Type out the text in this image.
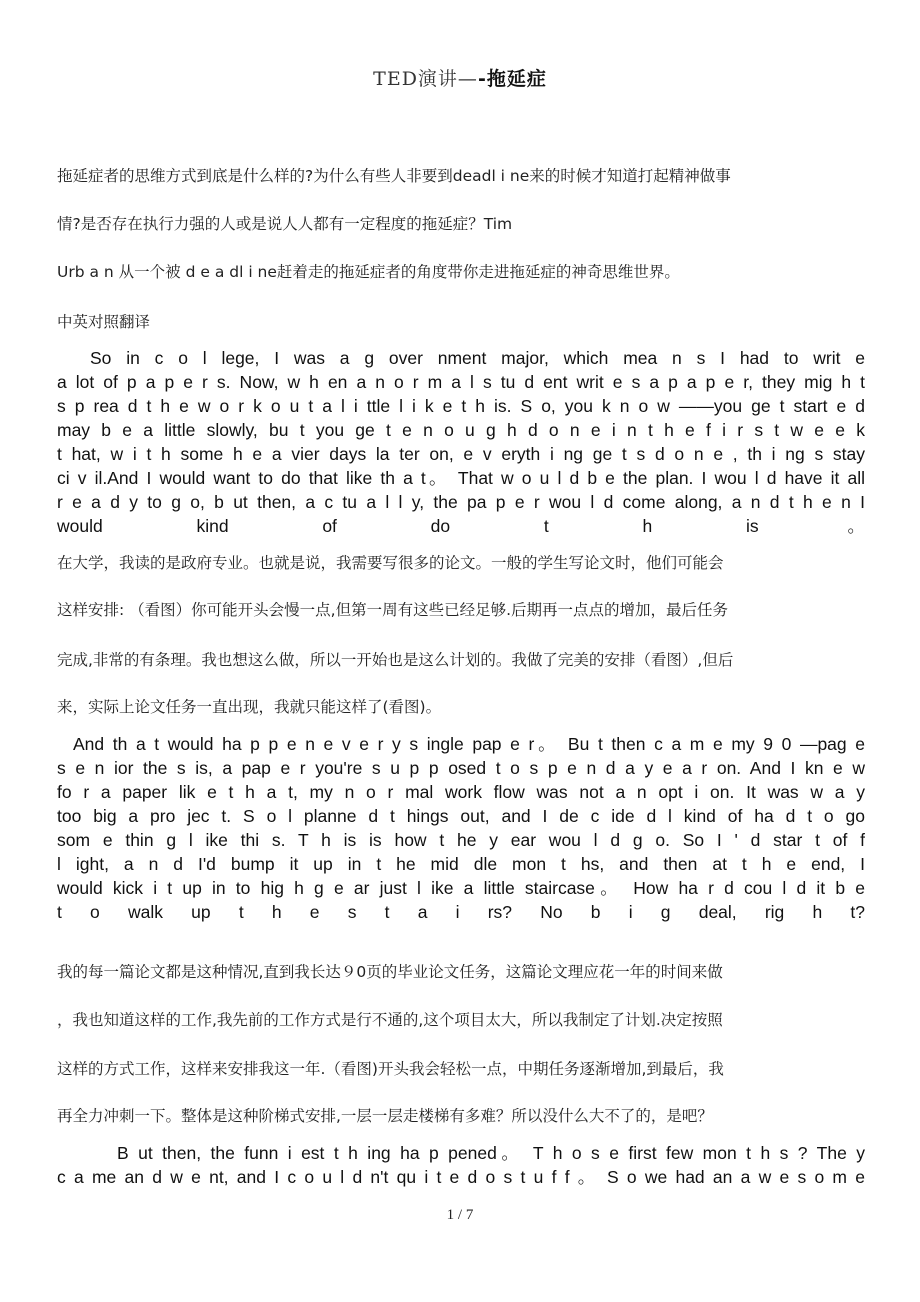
TED演讲—-拖延症
拖延症者的思维方式到底是什么样的?为什么有些人非要到deadl i ne来的时候才知道打起精神做事
情?是否存在执行力强的人或是说人人都有一定程度的拖延症？Tim
Urb a n 从一个被 d e a dl i ne赶着走的拖延症者的角度带你走进拖延症的神奇思维世界。
中英对照翻译
So in c o l lege, I was a g over nment major, which mea n s I had to writ e
a lot of p a p e r s. Now, w h en a n o r m a l s tu d ent writ e s a p a p e r, they mig h t
s p rea d t h e w o r k o u t a l i ttle l i k e t h is. S o, you k n o w —―you ge t start e d
may b e a little slowly, bu t you ge t e n o u g h d o n e i n t h e f i r s t w e e k
t hat, w i t h some h e a vier days la ter on, e v eryth i ng ge t s d o n e , th i ng s stay
ci v il.And I would want to do that like th a t。 That w o u l d b e the plan. I wou l d have it all
r e a d y to g o, b ut then, a c tu a l l y, the pa p e r wou l d come along, a n d t h e n I
would kind of do t h is。
在大学，我读的是政府专业。也就是说，我需要写很多的论文。一般的学生写论文时，他们可能会
这样安排: （看图）你可能开头会慢一点,但第一周有这些已经足够.后期再一点点的增加，最后任务
完成,非常的有条理。我也想这么做，所以一开始也是这么计划的。我做了完美的安排（看图）,但后
来，实际上论文任务一直出现，我就只能这样了(看图)。
And th a t would ha p p e n e v e r y s ingle pap e r。 Bu t then c a m e my 9 0 —pag e
s e n ior the s is, a pap e r you're s u p p osed t o s p e n d a y e a r on. And I kn e w
fo r a paper lik e t h a t, my n o r mal work flow was not a n opt i on. It was w a y
too big a pro jec t. S o l planne d t hings out, and I de c ide d l kind of ha d t o go
som e thin g l ike thi s. T h is is how t he y ear wou l d g o. So I ' d star t of f
l ight, a n d I'd bump it up in t he mid dle mon t hs, and then at t h e end, I
would kick i t up in to hig h g e ar just l ike a little staircase。 How ha r d cou l d it b e
t o walk up t h e s t a i rs? No b i g deal, rig h t?
我的每一篇论文都是这种情况,直到我长达９0页的毕业论文任务，这篇论文理应花一年的时间来做
，我也知道这样的工作,我先前的工作方式是行不通的,这个项目太大，所以我制定了计划.决定按照
这样的方式工作，这样来安排我这一年.（看图)开头我会轻松一点，中期任务逐渐增加,到最后，我
再全力冲刺一下。整体是这种阶梯式安排,一层一层走楼梯有多难？所以没什么大不了的，是吧？
B ut then, the funn i est t h ing ha p pened。 T h o s e first few mon t h s ? The y
c a me an d w e nt, and I c o u l d n't qu i t e d o s t u f f 。 S o we had an a w e s o m e
1 / 7
